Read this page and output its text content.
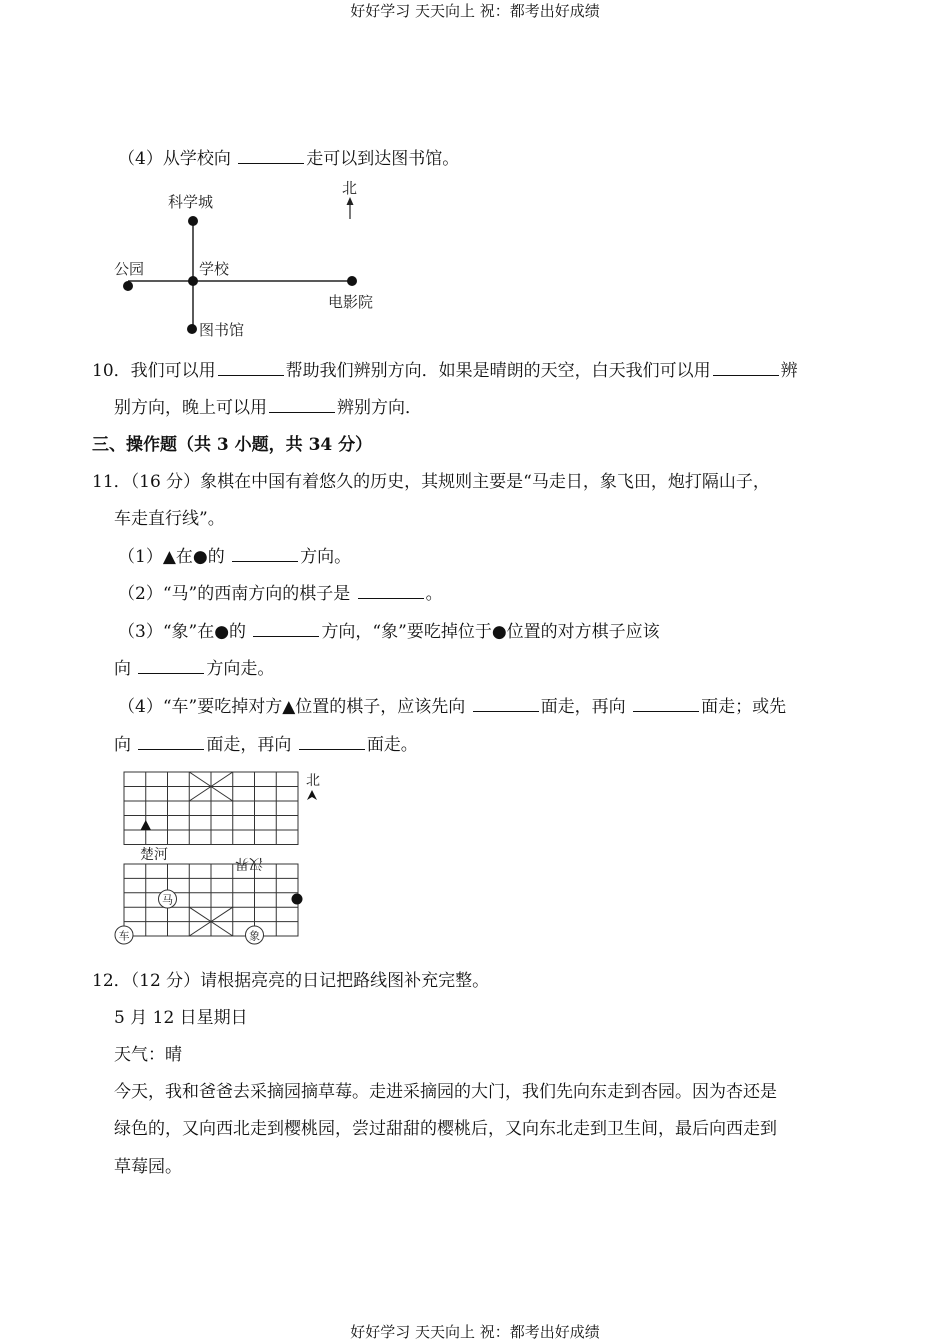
好好学习 天天向上 祝：都考出好成绩
（4）从学校向	走可以到达图书馆。
科学城
公园	学校
电影院
图书馆
北
10．我们可以用	帮助我们辨别方向．如果是晴朗的天空，白天我们可以用	辨
别方向，晚上可以用	辨别方向．
三、操作题（共 3 小题，共 34 分）
11．（16 分）象棋在中国有着悠久的历史，其规则主要是“马走日，象飞田，炮打隔山子，
车走直行线”。
（1）▲在●的	方向。
（2）“马”的西南方向的棋子是	。
（3）“象”在●的	方向，“象”要吃掉位于●位置的对方棋子应该
向	方向走。
（4）“车”要吃掉对方▲位置的棋子，应该先向	面走，再向	面走；或先
向	面走，再向	面走。
楚河	汉界
马
车	象
北
12．（12 分）请根据亮亮的日记把路线图补充完整。
5 月 12 日星期日
天气：晴
今天，我和爸爸去采摘园摘草莓。走进采摘园的大门，我们先向东走到杏园。因为杏还是
绿色的，又向西北走到樱桃园，尝过甜甜的樱桃后，又向东北走到卫生间，最后向西走到
草莓园。
好好学习 天天向上 祝：都考出好成绩
